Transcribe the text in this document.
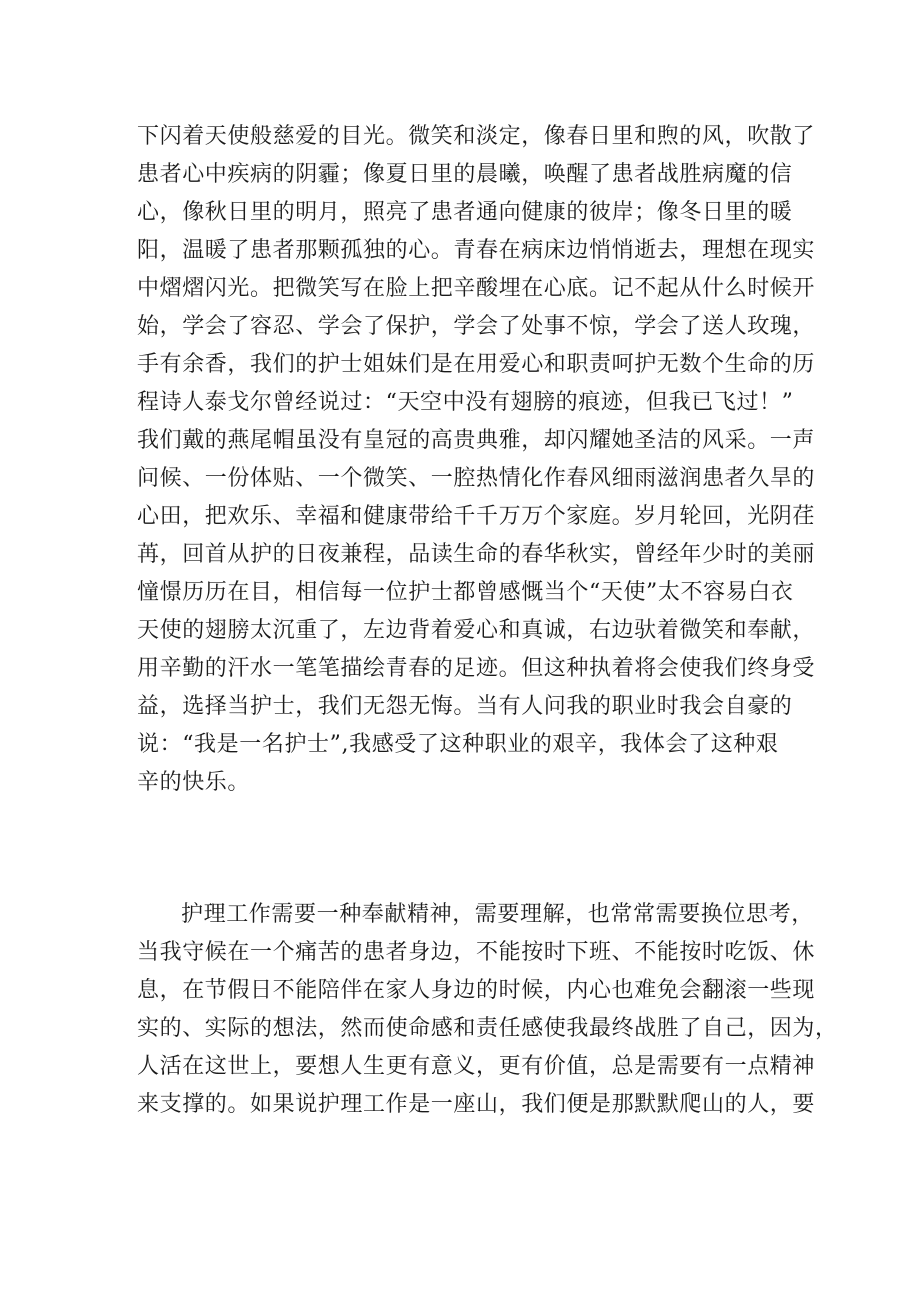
下闪着天使般慈爱的目光。微笑和淡定，像春日里和煦的风，吹散了
患者心中疾病的阴霾；像夏日里的晨曦，唤醒了患者战胜病魔的信
心，像秋日里的明月，照亮了患者通向健康的彼岸；像冬日里的暖
阳，温暖了患者那颗孤独的心。青春在病床边悄悄逝去，理想在现实
中熠熠闪光。把微笑写在脸上把辛酸埋在心底。记不起从什么时候开
始，学会了容忍、学会了保护，学会了处事不惊，学会了送人玫瑰，
手有余香，我们的护士姐妹们是在用爱心和职责呵护无数个生命的历
程诗人泰戈尔曾经说过：“天空中没有翅膀的痕迹，但我已飞过！”
我们戴的燕尾帽虽没有皇冠的高贵典雅，却闪耀她圣洁的风采。一声
问候、一份体贴、一个微笑、一腔热情化作春风细雨滋润患者久旱的
心田，把欢乐、幸福和健康带给千千万万个家庭。岁月轮回，光阴荏
苒，回首从护的日夜兼程，品读生命的春华秋实，曾经年少时的美丽
憧憬历历在目，相信每一位护士都曾感慨当个“天使”太不容易白衣
天使的翅膀太沉重了，左边背着爱心和真诚，右边驮着微笑和奉献，
用辛勤的汗水一笔笔描绘青春的足迹。但这种执着将会使我们终身受
益，选择当护士，我们无怨无悔。当有人问我的职业时我会自豪的
说：“我是一名护士”,我感受了这种职业的艰辛，我体会了这种艰
辛的快乐。
护理工作需要一种奉献精神，需要理解，也常常需要换位思考，
当我守候在一个痛苦的患者身边，不能按时下班、不能按时吃饭、休
息，在节假日不能陪伴在家人身边的时候，内心也难免会翻滚一些现
实的、实际的想法，然而使命感和责任感使我最终战胜了自己，因为，
人活在这世上，要想人生更有意义，更有价值，总是需要有一点精神
来支撑的。如果说护理工作是一座山，我们便是那默默爬山的人，要
